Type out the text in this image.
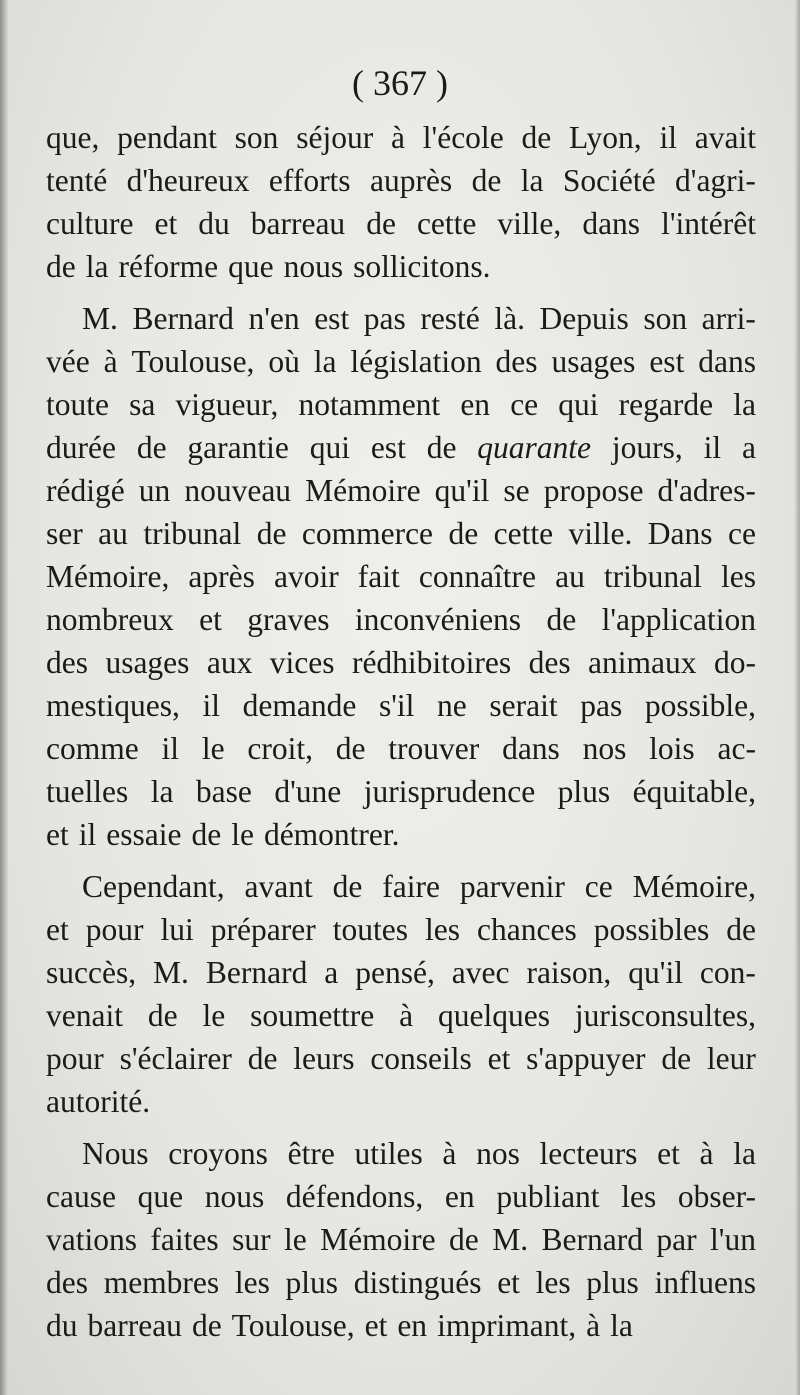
( 367 )
que, pendant son séjour à l'école de Lyon, il avait
tenté d'heureux efforts auprès de la Société d'agri-
culture et du barreau de cette ville, dans l'intérêt
de la réforme que nous sollicitons.
M. Bernard n'en est pas resté là. Depuis son arri-
vée à Toulouse, où la législation des usages est dans
toute sa vigueur, notamment en ce qui regarde la
durée de garantie qui est de quarante jours, il a
rédigé un nouveau Mémoire qu'il se propose d'adres-
ser au tribunal de commerce de cette ville. Dans ce
Mémoire, après avoir fait connaître au tribunal les
nombreux et graves inconvéniens de l'application
des usages aux vices rédhibitoires des animaux do-
mestiques, il demande s'il ne serait pas possible,
comme il le croit, de trouver dans nos lois ac-
tuelles la base d'une jurisprudence plus équitable,
et il essaie de le démontrer.
Cependant, avant de faire parvenir ce Mémoire,
et pour lui préparer toutes les chances possibles de
succès, M. Bernard a pensé, avec raison, qu'il con-
venait de le soumettre à quelques jurisconsultes,
pour s'éclairer de leurs conseils et s'appuyer de leur
autorité.
Nous croyons être utiles à nos lecteurs et à la
cause que nous défendons, en publiant les obser-
vations faites sur le Mémoire de M. Bernard par l'un
des membres les plus distingués et les plus influens
du barreau de Toulouse, et en imprimant, à la
